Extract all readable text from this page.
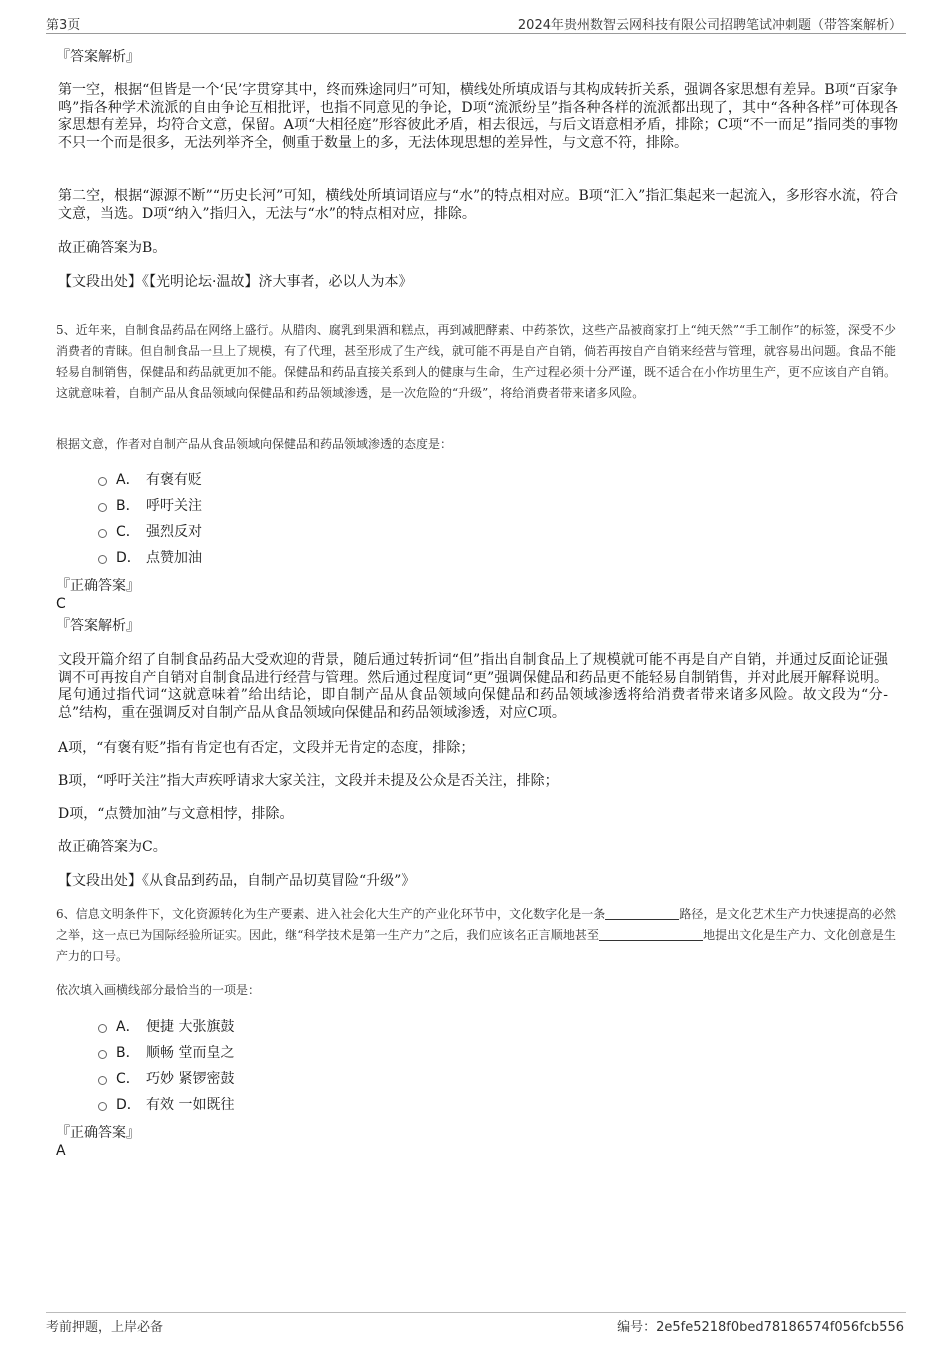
第3页	2024年贵州数智云网科技有限公司招聘笔试冲刺题（带答案解析）
『答案解析』
第一空，根据“但皆是一个‘民’字贯穿其中，终而殊途同归”可知，横线处所填成语与其构成转折关系，强调各家思想有差异。B项“百家争鸣”指各种学术流派的自由争论互相批评，也指不同意见的争论，D项“流派纷呈”指各种各样的流派都出现了，其中“各种各样”可体现各家思想有差异，均符合文意，保留。A项“大相径庭”形容彼此矛盾，相去很远，与后文语意相矛盾，排除；C项“不一而足”指同类的事物不只一个而是很多，无法列举齐全，侧重于数量上的多，无法体现思想的差异性，与文意不符，排除。
第二空，根据“源源不断”“历史长河”可知，横线处所填词语应与“水”的特点相对应。B项“汇入”指汇集起来一起流入，多形容水流，符合文意，当选。D项“纳入”指归入，无法与“水”的特点相对应，排除。
故正确答案为B。
【文段出处】《【光明论坛·温故】济大事者，必以人为本》
5、近年来，自制食品药品在网络上盛行。从腊肉、腐乳到果酒和糕点，再到减肥酵素、中药茶饮，这些产品被商家打上“纯天然”“手工制作”的标签，深受不少消费者的青睐。但自制食品一旦上了规模，有了代理，甚至形成了生产线，就可能不再是自产自销，倘若再按自产自销来经营与管理，就容易出问题。食品不能轻易自制销售，保健品和药品就更加不能。保健品和药品直接关系到人的健康与生命，生产过程必须十分严谨，既不适合在小作坊里生产，更不应该自产自销。这就意味着，自制产品从食品领域向保健品和药品领域渗透，是一次危险的“升级”，将给消费者带来诸多风险。
根据文意，作者对自制产品从食品领域向保健品和药品领域渗透的态度是：
A． 有褒有贬
B． 呼吁关注
C． 强烈反对
D． 点赞加油
『正确答案』
C
『答案解析』
文段开篇介绍了自制食品药品大受欢迎的背景，随后通过转折词“但”指出自制食品上了规模就可能不再是自产自销，并通过反面论证强调不可再按自产自销对自制食品进行经营与管理。然后通过程度词“更”强调保健品和药品更不能轻易自制销售，并对此展开解释说明。尾句通过指代词“这就意味着”给出结论，即自制产品从食品领域向保健品和药品领域渗透将给消费者带来诸多风险。故文段为“分-总”结构，重在强调反对自制产品从食品领域向保健品和药品领域渗透，对应C项。
A项，“有褒有贬”指有肯定也有否定，文段并无肯定的态度，排除；
B项，“呼吁关注”指大声疾呼请求大家关注，文段并未提及公众是否关注，排除；
D项，“点赞加油”与文意相悖，排除。
故正确答案为C。
【文段出处】《从食品到药品，自制产品切莫冒险“升级”》
6、信息文明条件下，文化资源转化为生产要素、进入社会化大生产的产业化环节中，文化数字化是一条	路径，是文化艺术生产力快速提高的必然之举，这一点已为国际经验所证实。因此，继“科学技术是第一生产力”之后，我们应该名正言顺地甚至	地提出文化是生产力、文化创意是生产力的口号。
依次填入画横线部分最恰当的一项是：
A． 便捷 大张旗鼓
B． 顺畅 堂而皇之
C． 巧妙 紧锣密鼓
D． 有效 一如既往
『正确答案』
A
考前押题，上岸必备	编号：2e5fe5218f0bed78186574f056fcb556
